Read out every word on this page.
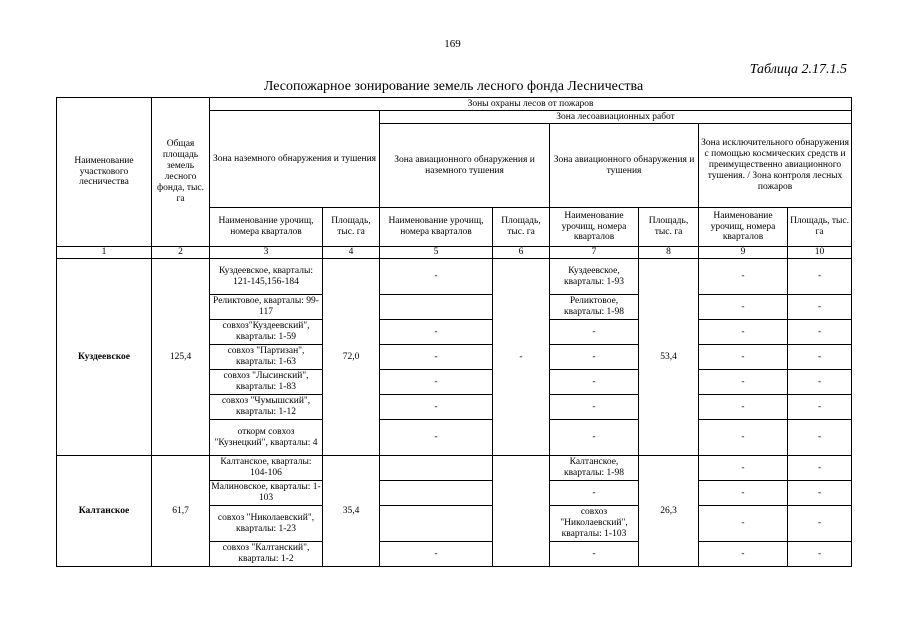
169
Таблица 2.17.1.5
Лесопожарное зонирование земель лесного фонда Лесничества
Наименование участкового лесничества	Общая площадь земель лесного фонда, тыс. га	Зоны охраны лесов от пожаров							
		Зона наземного обнаружения и тушения		Зона лесоавиационных работ					
				Зона авиационного обнаружения и наземного тушения		Зона авиационного обнаружения и тушения		Зона исключительного обнаружения с помощью космических средств и преимущественно авиационного тушения. / Зона контроля лесных пожаров	
		Наименование урочищ, номера кварталов	Площадь, тыс. га	Наименование урочищ, номера кварталов	Площадь, тыс. га	Наименование урочищ, номера кварталов	Площадь, тыс. га	Наименование урочищ, номера кварталов	Площадь, тыс. га
1	2	3	4	5	6	7	8	9	10
Куздеевское	125,4	Куздеевское, кварталы: 121-145,156-184	72,0	-	-	Куздеевское, кварталы: 1-93	53,4	-	-
		Реликтовое, кварталы: 99-117				Реликтовое, кварталы: 1-98		-	-
		совхоз"Куздеевский", кварталы: 1-59		-		-		-	-
		совхоз "Партизан", кварталы: 1-63		-		-		-	-
		совхоз "Лысинский", кварталы: 1-83		-		-		-	-
		совхоз "Чумышский", кварталы: 1-12		-		-		-	-
		откорм совхоз "Кузнецкий", кварталы: 4		-		-		-	-
Калтанское	61,7	Калтанское, кварталы: 104-106	35,4			Калтанское, кварталы: 1-98	26,3	-	-
		Малиновское, кварталы: 1-103				-		-	-
		совхоз "Николаевский", кварталы: 1-23				совхоз "Николаевский", кварталы: 1-103		-	-
		совхоз "Калтанский", кварталы: 1-2		-		-		-	-
